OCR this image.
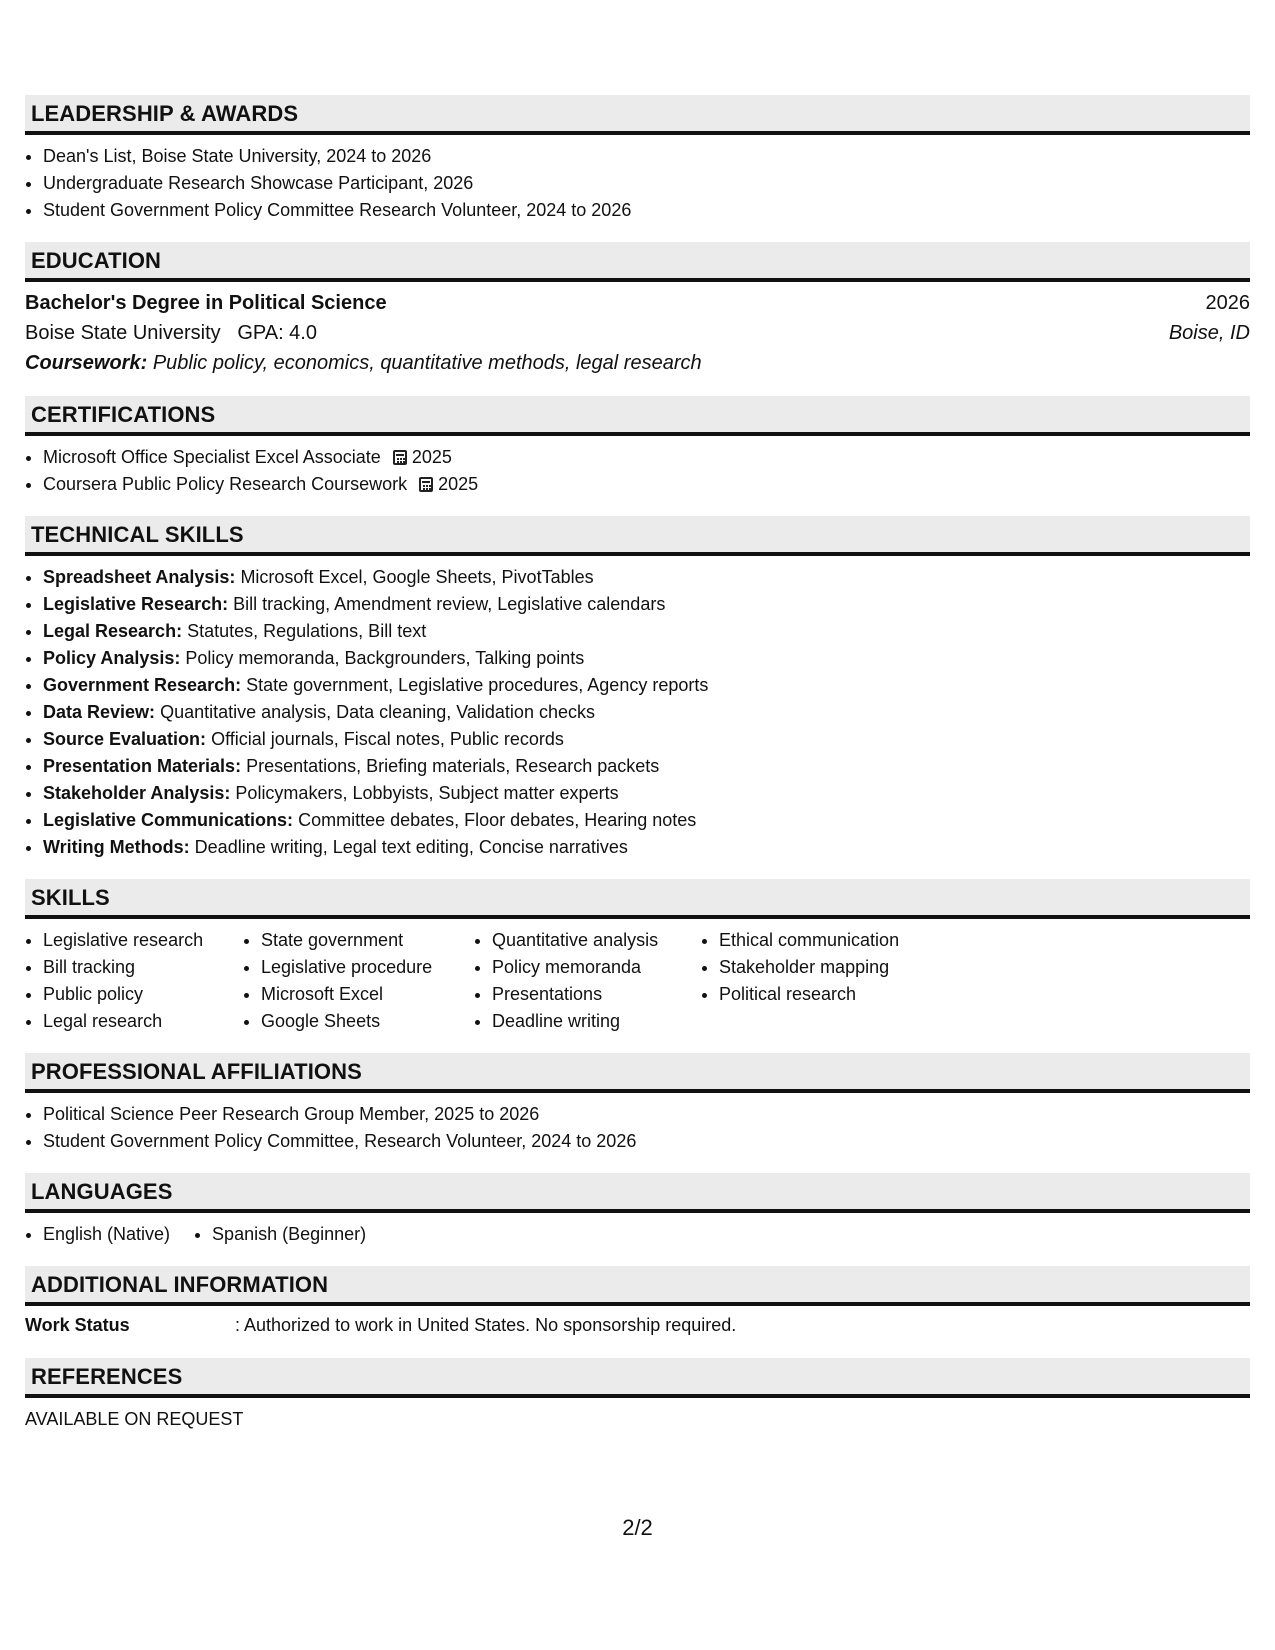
LEADERSHIP & AWARDS
• Dean's List, Boise State University, 2024 to 2026
• Undergraduate Research Showcase Participant, 2026
• Student Government Policy Committee Research Volunteer, 2024 to 2026
EDUCATION
Bachelor's Degree in Political Science	2026
Boise State University GPA: 4.0	Boise, ID
Coursework: Public policy, economics, quantitative methods, legal research
CERTIFICATIONS
• Microsoft Office Specialist Excel Associate 2025
• Coursera Public Policy Research Coursework 2025
TECHNICAL SKILLS
• Spreadsheet Analysis: Microsoft Excel, Google Sheets, PivotTables
• Legislative Research: Bill tracking, Amendment review, Legislative calendars
• Legal Research: Statutes, Regulations, Bill text
• Policy Analysis: Policy memoranda, Backgrounders, Talking points
• Government Research: State government, Legislative procedures, Agency reports
• Data Review: Quantitative analysis, Data cleaning, Validation checks
• Source Evaluation: Official journals, Fiscal notes, Public records
• Presentation Materials: Presentations, Briefing materials, Research packets
• Stakeholder Analysis: Policymakers, Lobbyists, Subject matter experts
• Legislative Communications: Committee debates, Floor debates, Hearing notes
• Writing Methods: Deadline writing, Legal text editing, Concise narratives
SKILLS
• Legislative research
• Bill tracking
• Public policy
• Legal research
• State government
• Legislative procedure
• Microsoft Excel
• Google Sheets
• Quantitative analysis
• Policy memoranda
• Presentations
• Deadline writing
• Ethical communication
• Stakeholder mapping
• Political research
PROFESSIONAL AFFILIATIONS
• Political Science Peer Research Group Member, 2025 to 2026
• Student Government Policy Committee, Research Volunteer, 2024 to 2026
LANGUAGES
• English (Native)
• Spanish (Beginner)
ADDITIONAL INFORMATION
Work Status	: Authorized to work in United States. No sponsorship required.
REFERENCES
AVAILABLE ON REQUEST
2/2
